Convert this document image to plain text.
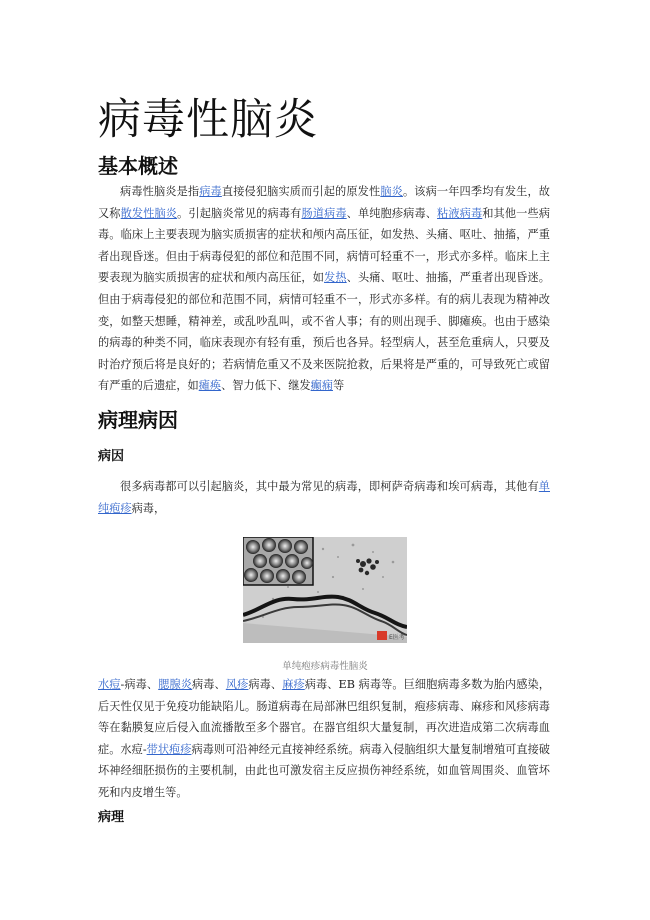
病毒性脑炎
基本概述

病毒性脑炎是指病毒直接侵犯脑实质而引起的原发性脑炎。该病一年四季均有发生，故又称散发性脑炎。引起脑炎常见的病毒有肠道病毒、单纯胞疹病毒、粘液病毒和其他一些病毒。临床上主要表现为脑实质损害的症状和颅内高压征，如发热、头痛、呕吐、抽搐，严重者出现昏迷。但由于病毒侵犯的部位和范围不同，病情可轻重不一，形式亦多样。临床上主要表现为脑实质损害的症状和颅内高压征，如发热、头痛、呕吐、抽搐，严重者出现昏迷。但由于病毒侵犯的部位和范围不同，病情可轻重不一，形式亦多样。有的病儿表现为精神改变，如整天想睡，精神差，或乱吵乱叫，或不省人事；有的则出现手、脚瘫痪。也由于感染的病毒的种类不同，临床表现亦有轻有重，预后也各异。轻型病人，甚至危重病人，只要及时治疗预后将是良好的；若病情危重又不及来医院抢救，后果将是严重的，可导致死亡或留有严重的后遗症，如瘫痪、智力低下、继发癫痫等

病理病因
病因

很多病毒都可以引起脑炎，其中最为常见的病毒，即柯萨奇病毒和埃可病毒，其他有单纯疱疹病毒，

E医考
单纯疱疹病毒性脑炎

水痘-病毒、腮腺炎病毒、风疹病毒、麻疹病毒、EB 病毒等。巨细胞病毒多数为胎内感染，后天性仅见于免疫功能缺陷儿。肠道病毒在局部淋巴组织复制，疱疹病毒、麻疹和风疹病毒等在黏膜复应后侵入血流播散至多个器官。在器官组织大量复制，再次进造成第二次病毒血症。水痘-带状疱疹病毒则可沿神经元直接神经系统。病毒入侵脑组织大量复制增殖可直接破坏神经细胚损伤的主要机制，由此也可激发宿主反应损伤神经系统，如血管周围炎、血管坏死和内皮增生等。

病理
